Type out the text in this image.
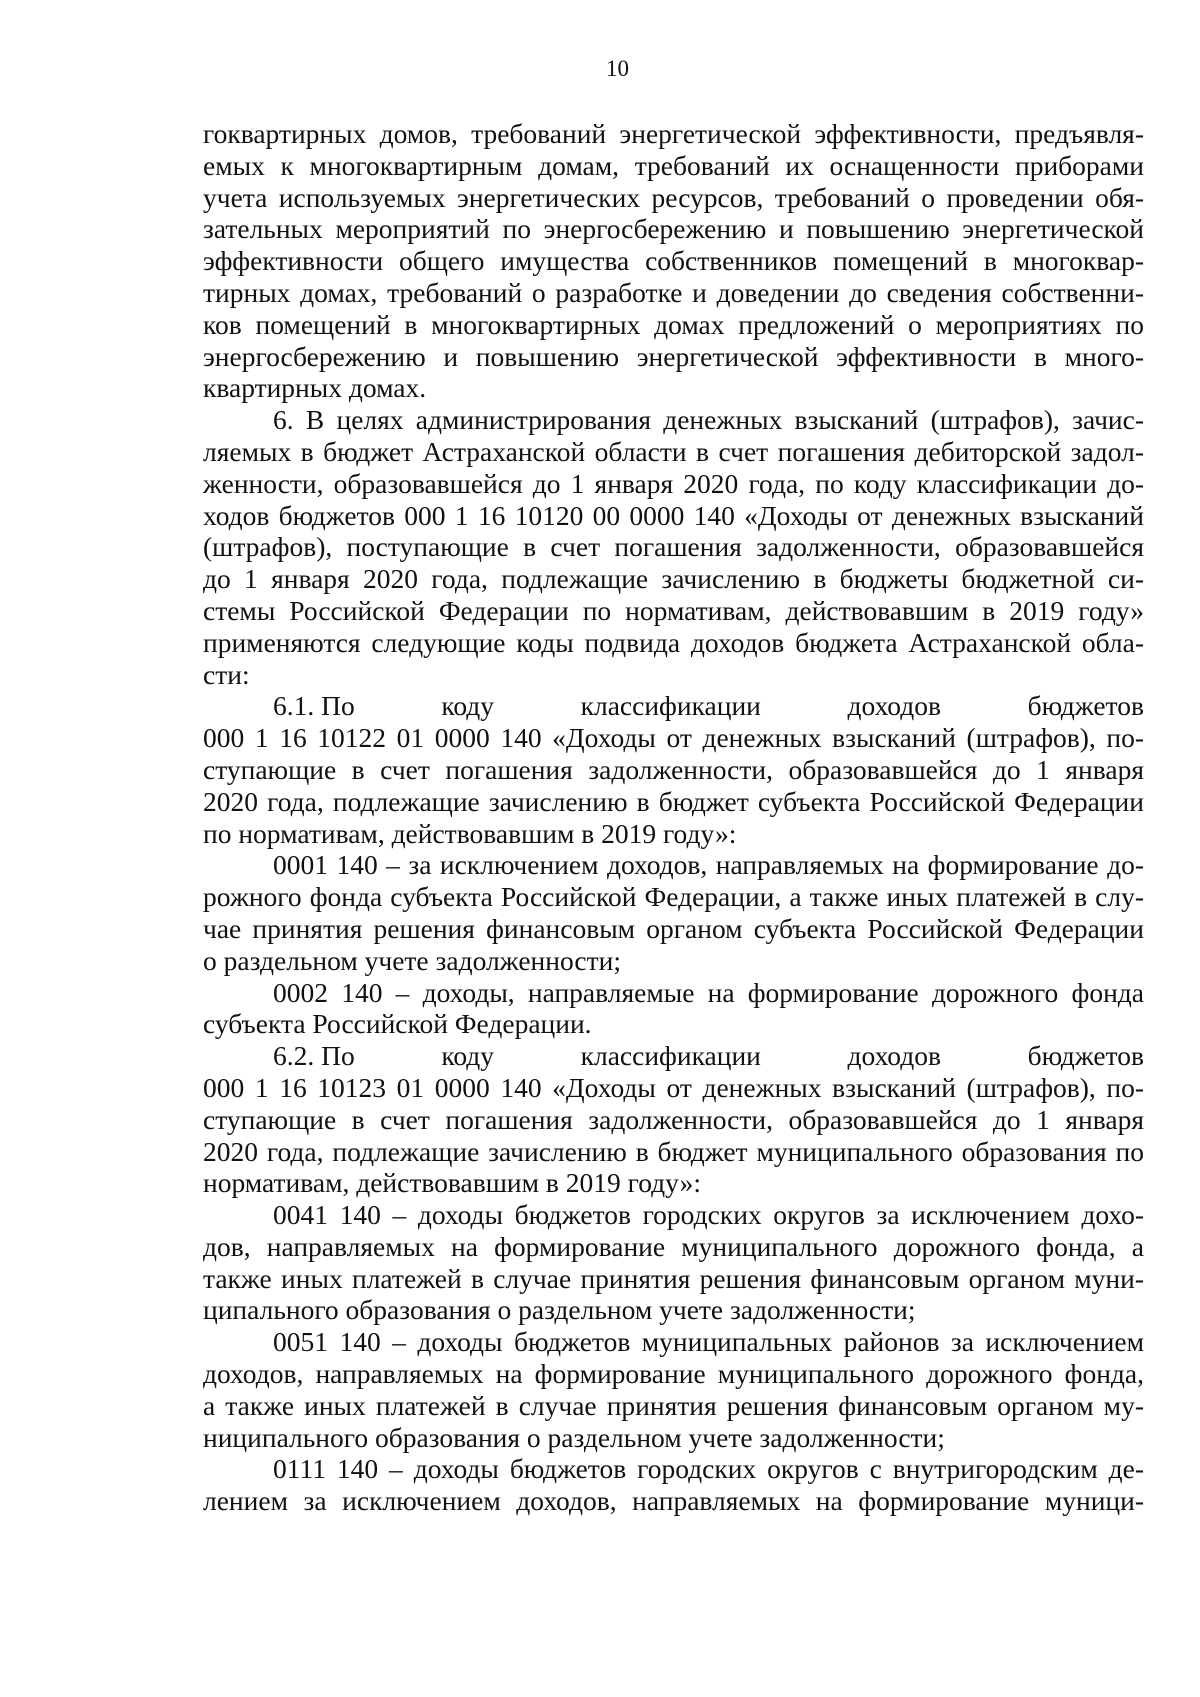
10
гоквартирных домов, требований энергетической эффективности, предъявля-
емых к многоквартирным домам, требований их оснащенности приборами
учета используемых энергетических ресурсов, требований о проведении обя-
зательных мероприятий по энергосбережению и повышению энергетической
эффективности общего имущества собственников помещений в многоквар-
тирных домах, требований о разработке и доведении до сведения собственни-
ков помещений в многоквартирных домах предложений о мероприятиях по
энергосбережению и повышению энергетической эффективности в много-
квартирных домах.
6. В целях администрирования денежных взысканий (штрафов), зачис-
ляемых в бюджет Астраханской области в счет погашения дебиторской задол-
женности, образовавшейся до 1 января 2020 года, по коду классификации до-
ходов бюджетов 000 1 16 10120 00 0000 140 «Доходы от денежных взысканий
(штрафов), поступающие в счет погашения задолженности, образовавшейся
до 1 января 2020 года, подлежащие зачислению в бюджеты бюджетной си-
стемы Российской Федерации по нормативам, действовавшим в 2019 году»
применяются следующие коды подвида доходов бюджета Астраханской обла-
сти:
6.1. По	коду	классификации	доходов	бюджетов
000 1 16 10122 01 0000 140 «Доходы от денежных взысканий (штрафов), по-
ступающие в счет погашения задолженности, образовавшейся до 1 января
2020 года, подлежащие зачислению в бюджет субъекта Российской Федерации
по нормативам, действовавшим в 2019 году»:
0001 140 – за исключением доходов, направляемых на формирование до-
рожного фонда субъекта Российской Федерации, а также иных платежей в слу-
чае принятия решения финансовым органом субъекта Российской Федерации
о раздельном учете задолженности;
0002 140 – доходы, направляемые на формирование дорожного фонда
субъекта Российской Федерации.
6.2. По	коду	классификации	доходов	бюджетов
000 1 16 10123 01 0000 140 «Доходы от денежных взысканий (штрафов), по-
ступающие в счет погашения задолженности, образовавшейся до 1 января
2020 года, подлежащие зачислению в бюджет муниципального образования по
нормативам, действовавшим в 2019 году»:
0041 140 – доходы бюджетов городских округов за исключением дохо-
дов, направляемых на формирование муниципального дорожного фонда, а
также иных платежей в случае принятия решения финансовым органом муни-
ципального образования о раздельном учете задолженности;
0051 140 – доходы бюджетов муниципальных районов за исключением
доходов, направляемых на формирование муниципального дорожного фонда,
а также иных платежей в случае принятия решения финансовым органом му-
ниципального образования о раздельном учете задолженности;
0111 140 – доходы бюджетов городских округов с внутригородским де-
лением за исключением доходов, направляемых на формирование муници-
